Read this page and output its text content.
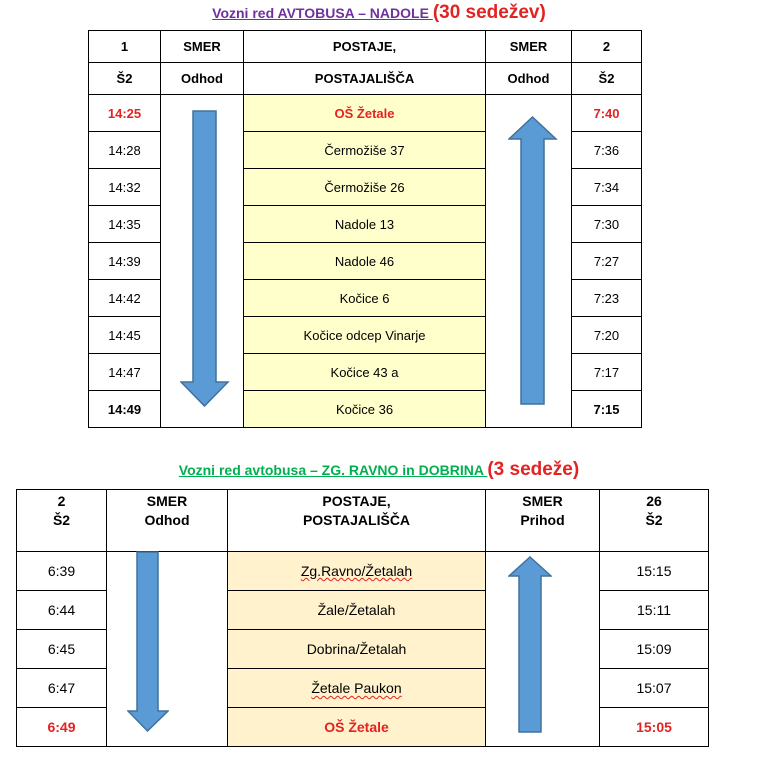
Vozni red AVTOBUSA – NADOLE (30 sedežev)
1	SMER	POSTAJE,	SMER	2
Š2	Odhod	POSTAJALIŠČA	Odhod	Š2
14:25		OŠ Žetale		7:40
14:28		Čermožiše 37		7:36
14:32		Čermožiše 26		7:34
14:35		Nadole 13		7:30
14:39		Nadole 46		7:27
14:42		Kočice 6		7:23
14:45		Kočice odcep Vinarje		7:20
14:47		Kočice 43 a		7:17
14:49		Kočice 36		7:15
Vozni red avtobusa – ZG. RAVNO in DOBRINA (3 sedeže)
2	SMER	POSTAJE,	SMER	26
Š2	Odhod	POSTAJALIŠČA	Prihod	Š2
6:39		Zg.Ravno/Žetalah		15:15
6:44		Žale/Žetalah		15:11
6:45		Dobrina/Žetalah		15:09
6:47		Žetale Paukon		15:07
6:49		OŠ Žetale		15:05
